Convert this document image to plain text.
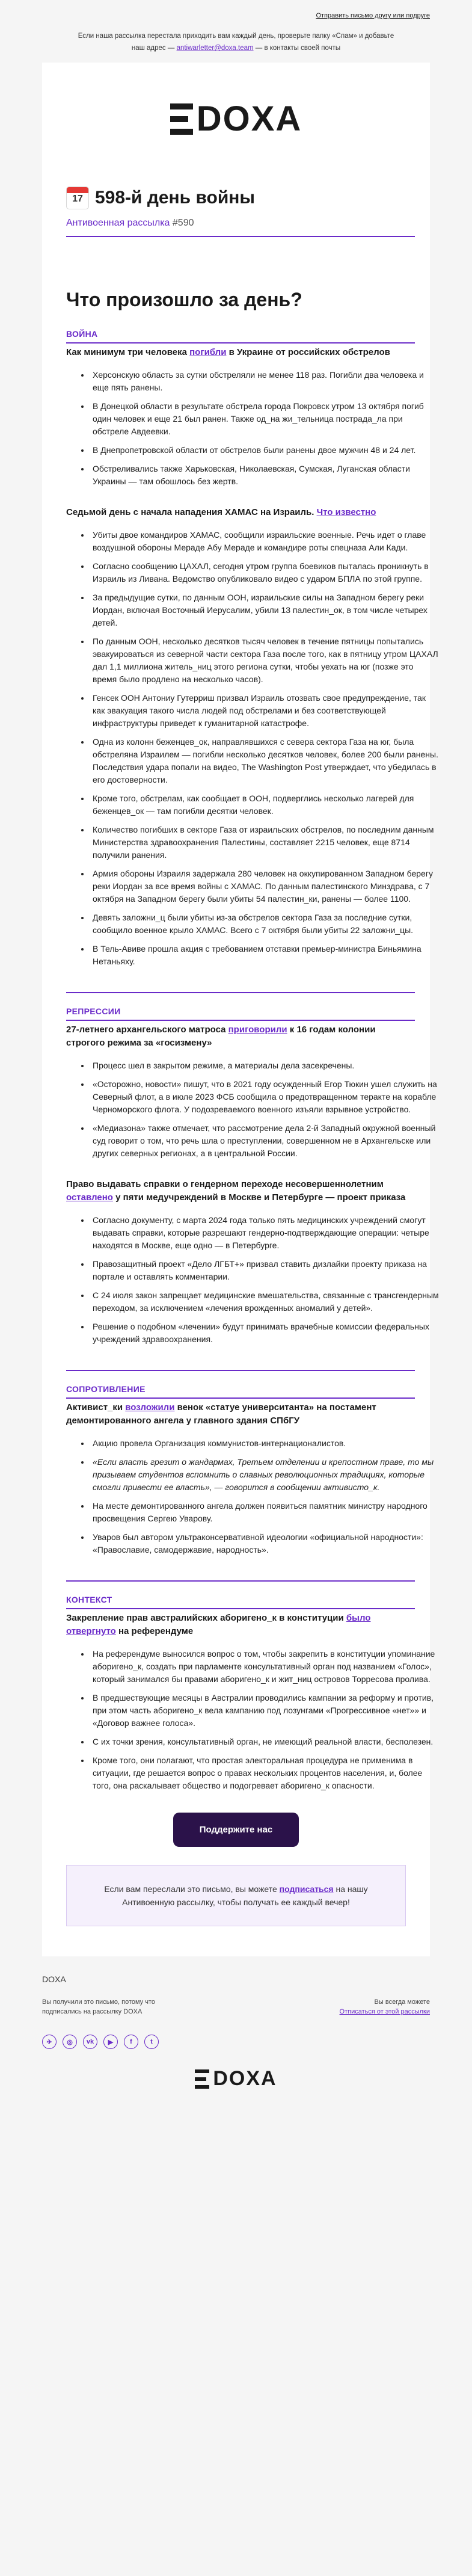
Отправить письмо другу или подруге
Если наша рассылка перестала приходить вам каждый день, проверьте папку «Спам» и добавьте наш адрес — antiwarletter@doxa.team — в контакты своей почты
DOXA
17 598-й день войны
Антивоенная рассылка #590
Что произошло за день?
ВОЙНА
Как минимум три человека погибли в Украине от российских обстрелов
• Херсонскую область за сутки обстреляли не менее 118 раз. Погибли два человека и еще пять ранены.
• В Донецкой области в результате обстрела города Покровск утром 13 октября погиб один человек и еще 21 был ранен. Также од_на жи_тельница пострада_ла при обстреле Авдеевки.
• В Днепропетровской области от обстрелов были ранены двое мужчин 48 и 24 лет.
• Обстреливались также Харьковская, Николаевская, Сумская, Луганская области Украины — там обошлось без жертв.
Седьмой день с начала нападения ХАМАС на Израиль. Что известно
• Убиты двое командиров ХАМАС, сообщили израильские военные. Речь идет о главе воздушной обороны Мерадe Абу Мераде и командире роты спецназа Али Кади.
• Согласно сообщению ЦАХАЛ, сегодня утром группа боевиков пыталась проникнуть в Израиль из Ливана. Ведомство опубликовало видео с ударом БПЛА по этой группе.
• За предыдущие сутки, по данным ООН, израильские силы на Западном берегу реки Иордан, включая Восточный Иерусалим, убили 13 палестин_ок, в том числе четырех детей.
• По данным ООН, несколько десятков тысяч человек в течение пятницы попытались эвакуироваться из северной части сектора Газа после того, как в пятницу утром ЦАХАЛ дал 1,1 миллиона житель_ниц этого региона сутки, чтобы уехать на юг (позже это время было продлено на несколько часов).
• Генсек ООН Антониу Гутерриш призвал Израиль отозвать свое предупреждение, так как эвакуация такого числа людей под обстрелами и без соответствующей инфраструктуры приведет к гуманитарной катастрофе.
• Одна из колонн беженцев_ок, направлявшихся с севера сектора Газа на юг, была обстреляна Израилем — погибли несколько десятков человек, более 200 были ранены. Последствия удара попали на видео, The Washington Post утверждает, что убедилась в его достоверности.
• Кроме того, обстрелам, как сообщает в ООН, подверглись несколько лагерей для беженцев_ок — там погибли десятки человек.
• Количество погибших в секторе Газа от израильских обстрелов, по последним данным Министерства здравоохранения Палестины, составляет 2215 человек, еще 8714 получили ранения.
• Армия обороны Израиля задержала 280 человек на оккупированном Западном берегу реки Иордан за все время войны с ХАМАС. По данным палестинского Минздрава, с 7 октября на Западном берегу были убиты 54 палестин_ки, ранены — более 1100.
• Девять заложни_ц были убиты из-за обстрелов сектора Газа за последние сутки, сообщило военное крыло ХАМАС. Всего с 7 октября были убиты 22 заложни_цы.
• В Тель-Авиве прошла акция с требованием отставки премьер-министра Биньямина Нетаньяху.
РЕПРЕССИИ
27-летнего архангельского матроса приговорили к 16 годам колонии строгого режима за «госизмену»
• Процесс шел в закрытом режиме, а материалы дела засекречены.
• «Осторожно, новости» пишут, что в 2021 году осужденный Егор Тюкин ушел служить на Северный флот, а в июле 2023 ФСБ сообщила о предотвращенном теракте на корабле Черноморского флота. У подозреваемого военного изъяли взрывное устройство.
• «Медиазона» также отмечает, что рассмотрение дела 2-й Западный окружной военный суд говорит о том, что речь шла о преступлении, совершенном не в Архангельске или других северных регионах, а в центральной России.
Право выдавать справки о гендерном переходе несовершеннолетним оставлено у пяти медучреждений в Москве и Петербурге — проект приказа
• Согласно документу, с марта 2024 года только пять медицинских учреждений смогут выдавать справки, которые разрешают гендерно-подтверждающие операции: четыре находятся в Москве, еще одно — в Петербурге.
• Правозащитный проект «Дело ЛГБТ+» призвал ставить дизлайки проекту приказа на портале и оставлять комментарии.
• С 24 июля закон запрещает медицинские вмешательства, связанные с трансгендерным переходом, за исключением «лечения врожденных аномалий у детей».
• Решение о подобном «лечении» будут принимать врачебные комиссии федеральных учреждений здравоохранения.
СОПРОТИВЛЕНИЕ
Активист_ки возложили венок «статуе университанта» на постамент демонтированного ангела у главного здания СПбГУ
• Акцию провела Организация коммунистов-интернационалистов.
• «Если власть грезит о жандармах, Третьем отделении и крепостном праве, то мы призываем студентов вспомнить о славных революционных традициях, которые смогли привести ее власть», — говорится в сообщении активисто_к.
• На месте демонтированного ангела должен появиться памятник министру народного просвещения Сергею Уварову.
• Уваров был автором ультраконсервативной идеологии «официальной народности»: «Православие, самодержавие, народность».
КОНТЕКСТ
Закрепление прав австралийских аборигено_к в конституции было отвергнуто на референдуме
• На референдуме выносился вопрос о том, чтобы закрепить в конституции упоминание аборигено_к, создать при парламенте консультативный орган под названием «Голос», который занимался бы правами аборигено_к и жит_ниц островов Торресова пролива.
• В предшествующие месяцы в Австралии проводились кампании за реформу и против, при этом часть аборигено_к вела кампанию под лозунгами «Прогрессивное «нет»» и «Договор важнее голоса».
• С их точки зрения, консультативный орган, не имеющий реальной власти, бесполезен.
• Кроме того, они полагают, что простая электоральная процедура не применима в ситуации, где решается вопрос о правах нескольких процентов населения, и, более того, она раскалывает общество и подогревает аборигено_к опасности.
Поддержите нас
Если вам переслали это письмо, вы можете подписаться на нашу Антивоенную рассылку, чтобы получать ее каждый вечер!
DOXA
Вы получили это письмо, потому что
подписались на рассылку DOXA
Вы всегда можете
Отписаться от этой рассылки
✈	◎	vk	▶	f	t
DOXA
